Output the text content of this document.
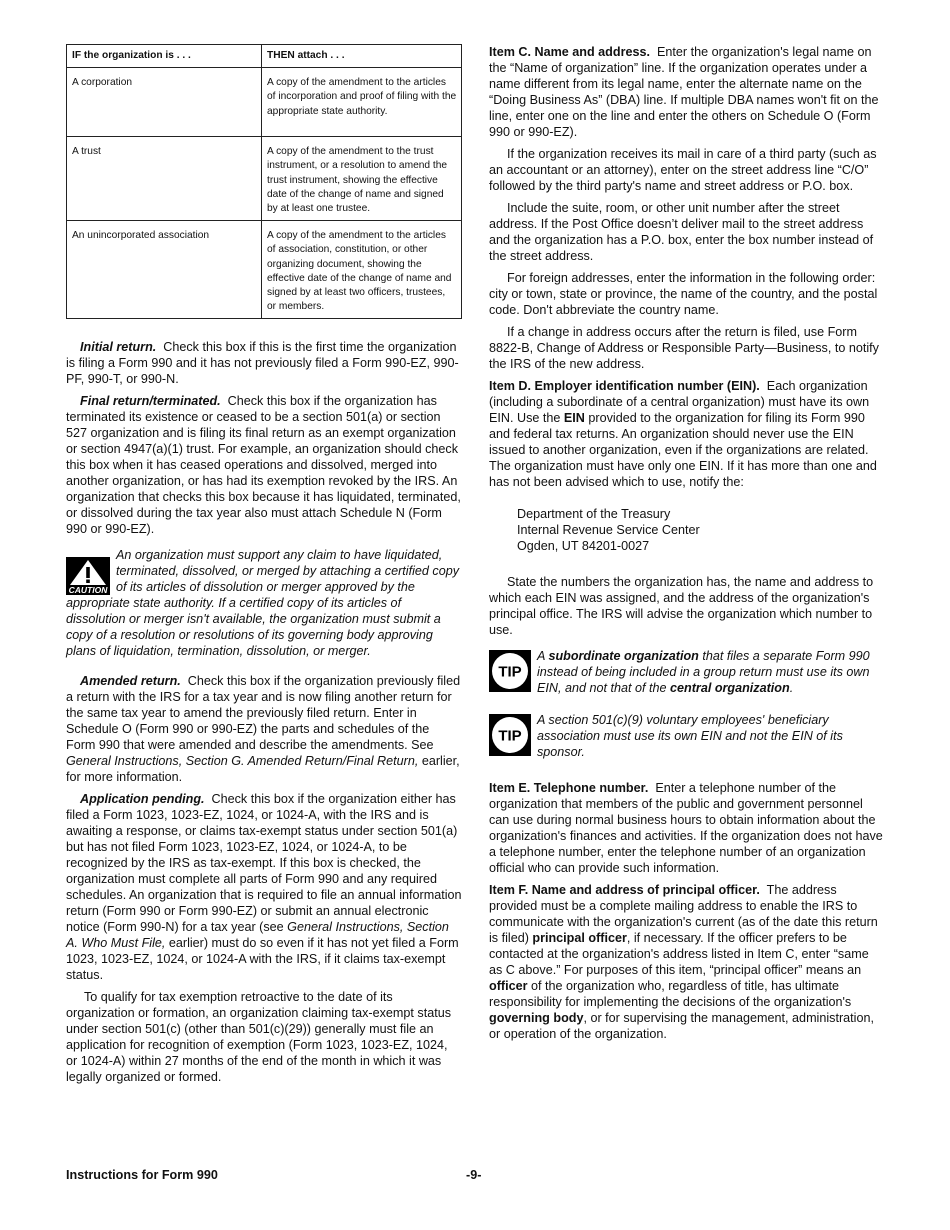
IF the organization is . . .	THEN attach . . .
A corporation	A copy of the amendment to the articles of incorporation and proof of filing with the appropriate state authority.
A trust	A copy of the amendment to the trust instrument, or a resolution to amend the trust instrument, showing the effective date of the change of name and signed by at least one trustee.
An unincorporated association	A copy of the amendment to the articles of association, constitution, or other organizing document, showing the effective date of the change of name and signed by at least two officers, trustees, or members.

Initial return. Check this box if this is the first time the organization is filing a Form 990 and it has not previously filed a Form 990-EZ, 990-PF, 990-T, or 990-N.

Final return/terminated. Check this box if the organization has terminated its existence or ceased to be a section 501(a) or section 527 organization and is filing its final return as an exempt organization or section 4947(a)(1) trust. For example, an organization should check this box when it has ceased operations and dissolved, merged into another organization, or has had its exemption revoked by the IRS. An organization that checks this box because it has liquidated, terminated, or dissolved during the tax year also must attach Schedule N (Form 990 or 990-EZ).

CAUTION
An organization must support any claim to have liquidated, terminated, dissolved, or merged by attaching a certified copy of its articles of dissolution or merger approved by the appropriate state authority. If a certified copy of its articles of dissolution or merger isn't available, the organization must submit a copy of a resolution or resolutions of its governing body approving plans of liquidation, termination, dissolution, or merger.

Amended return. Check this box if the organization previously filed a return with the IRS for a tax year and is now filing another return for the same tax year to amend the previously filed return. Enter in Schedule O (Form 990 or 990-EZ) the parts and schedules of the Form 990 that were amended and describe the amendments. See General Instructions, Section G. Amended Return/Final Return, earlier, for more information.

Application pending. Check this box if the organization either has filed a Form 1023, 1023-EZ, 1024, or 1024-A, with the IRS and is awaiting a response, or claims tax-exempt status under section 501(a) but has not filed Form 1023, 1023-EZ, 1024, or 1024-A, to be recognized by the IRS as tax-exempt. If this box is checked, the organization must complete all parts of Form 990 and any required schedules. An organization that is required to file an annual information return (Form 990 or Form 990-EZ) or submit an annual electronic notice (Form 990-N) for a tax year (see General Instructions, Section A. Who Must File, earlier) must do so even if it has not yet filed a Form 1023, 1023-EZ, 1024, or 1024-A with the IRS, if it claims tax-exempt status.

To qualify for tax exemption retroactive to the date of its organization or formation, an organization claiming tax-exempt status under section 501(c) (other than 501(c)(29)) generally must file an application for recognition of exemption (Form 1023, 1023-EZ, 1024, or 1024-A) within 27 months of the end of the month in which it was legally organized or formed.

Item C. Name and address. Enter the organization's legal name on the “Name of organization” line. If the organization operates under a name different from its legal name, enter the alternate name on the “Doing Business As” (DBA) line. If multiple DBA names won't fit on the line, enter one on the line and enter the others on Schedule O (Form 990 or 990-EZ).

If the organization receives its mail in care of a third party (such as an accountant or an attorney), enter on the street address line “C/O” followed by the third party's name and street address or P.O. box.

Include the suite, room, or other unit number after the street address. If the Post Office doesn’t deliver mail to the street address and the organization has a P.O. box, enter the box number instead of the street address.

For foreign addresses, enter the information in the following order: city or town, state or province, the name of the country, and the postal code. Don't abbreviate the country name.

If a change in address occurs after the return is filed, use Form 8822-B, Change of Address or Responsible Party—Business, to notify the IRS of the new address.

Item D. Employer identification number (EIN). Each organization (including a subordinate of a central organization) must have its own EIN. Use the EIN provided to the organization for filing its Form 990 and federal tax returns. An organization should never use the EIN issued to another organization, even if the organizations are related. The organization must have only one EIN. If it has more than one and has not been advised which to use, notify the:

Department of the Treasury
Internal Revenue Service Center
Ogden, UT 84201-0027

State the numbers the organization has, the name and address to which each EIN was assigned, and the address of the organization's principal office. The IRS will advise the organization which number to use.

TIP
A subordinate organization that files a separate Form 990 instead of being included in a group return must use its own EIN, and not that of the central organization.
TIP
A section 501(c)(9) voluntary employees' beneficiary association must use its own EIN and not the EIN of its sponsor.

Item E. Telephone number. Enter a telephone number of the organization that members of the public and government personnel can use during normal business hours to obtain information about the organization's finances and activities. If the organization does not have a telephone number, enter the telephone number of an organization official who can provide such information.

Item F. Name and address of principal officer. The address provided must be a complete mailing address to enable the IRS to communicate with the organization's current (as of the date this return is filed) principal officer, if necessary. If the officer prefers to be contacted at the organization's address listed in Item C, enter “same as C above.” For purposes of this item, “principal officer” means an officer of the organization who, regardless of title, has ultimate responsibility for implementing the decisions of the organization's governing body, or for supervising the management, administration, or operation of the organization.

Instructions for Form 990	-9-
